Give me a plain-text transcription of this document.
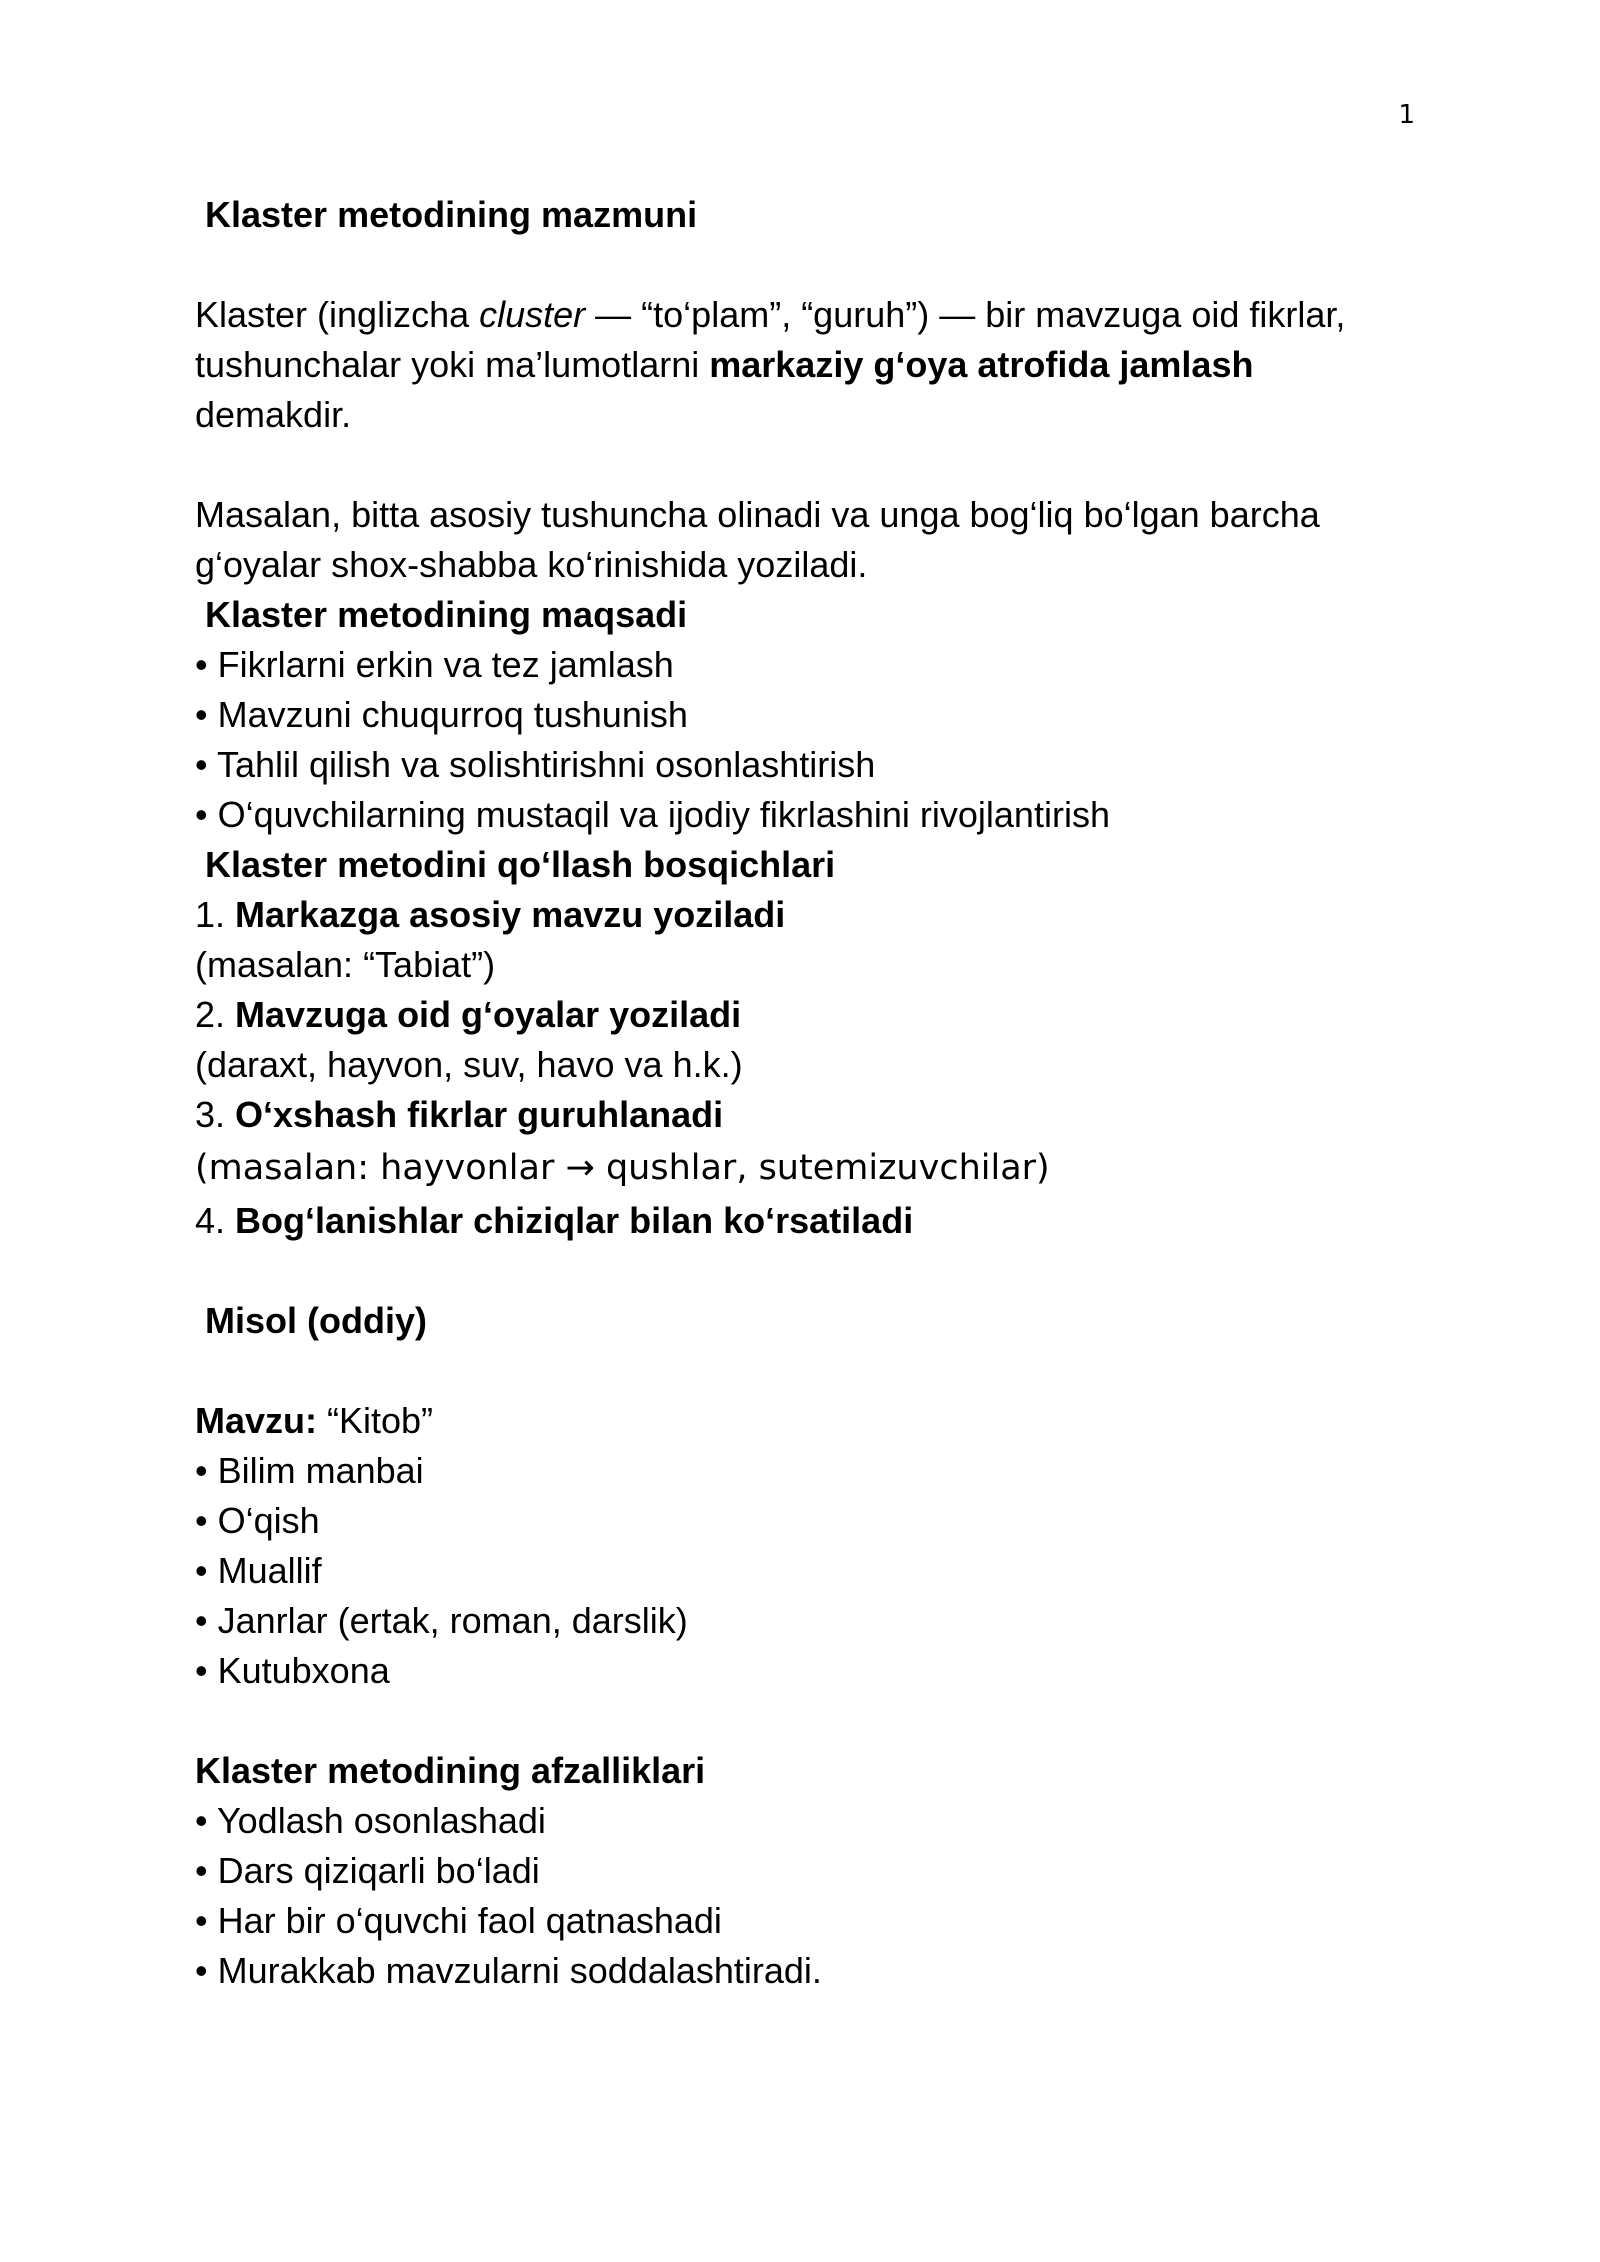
1

Klaster metodining mazmuni

Klaster (inglizcha cluster — “to‘plam”, “guruh”) — bir mavzuga oid fikrlar,

tushunchalar yoki ma’lumotlarni markaziy g‘oya atrofida jamlash

demakdir.

Masalan, bitta asosiy tushuncha olinadi va unga bog‘liq bo‘lgan barcha

g‘oyalar shox-shabba ko‘rinishida yoziladi.

Klaster metodining maqsadi

• Fikrlarni erkin va tez jamlash

• Mavzuni chuqurroq tushunish

• Tahlil qilish va solishtirishni osonlashtirish

• O‘quvchilarning mustaqil va ijodiy fikrlashini rivojlantirish

Klaster metodini qo‘llash bosqichlari

1. Markazga asosiy mavzu yoziladi

(masalan: “Tabiat”)

2. Mavzuga oid g‘oyalar yoziladi

(daraxt, hayvon, suv, havo va h.k.)

3. O‘xshash fikrlar guruhlanadi

(masalan: hayvonlar → qushlar, sutemizuvchilar)

4. Bog‘lanishlar chiziqlar bilan ko‘rsatiladi

Misol (oddiy)

Mavzu: “Kitob”

• Bilim manbai

• O‘qish

• Muallif

• Janrlar (ertak, roman, darslik)

• Kutubxona

Klaster metodining afzalliklari

• Yodlash osonlashadi

• Dars qiziqarli bo‘ladi

• Har bir o‘quvchi faol qatnashadi

• Murakkab mavzularni soddalashtiradi.
